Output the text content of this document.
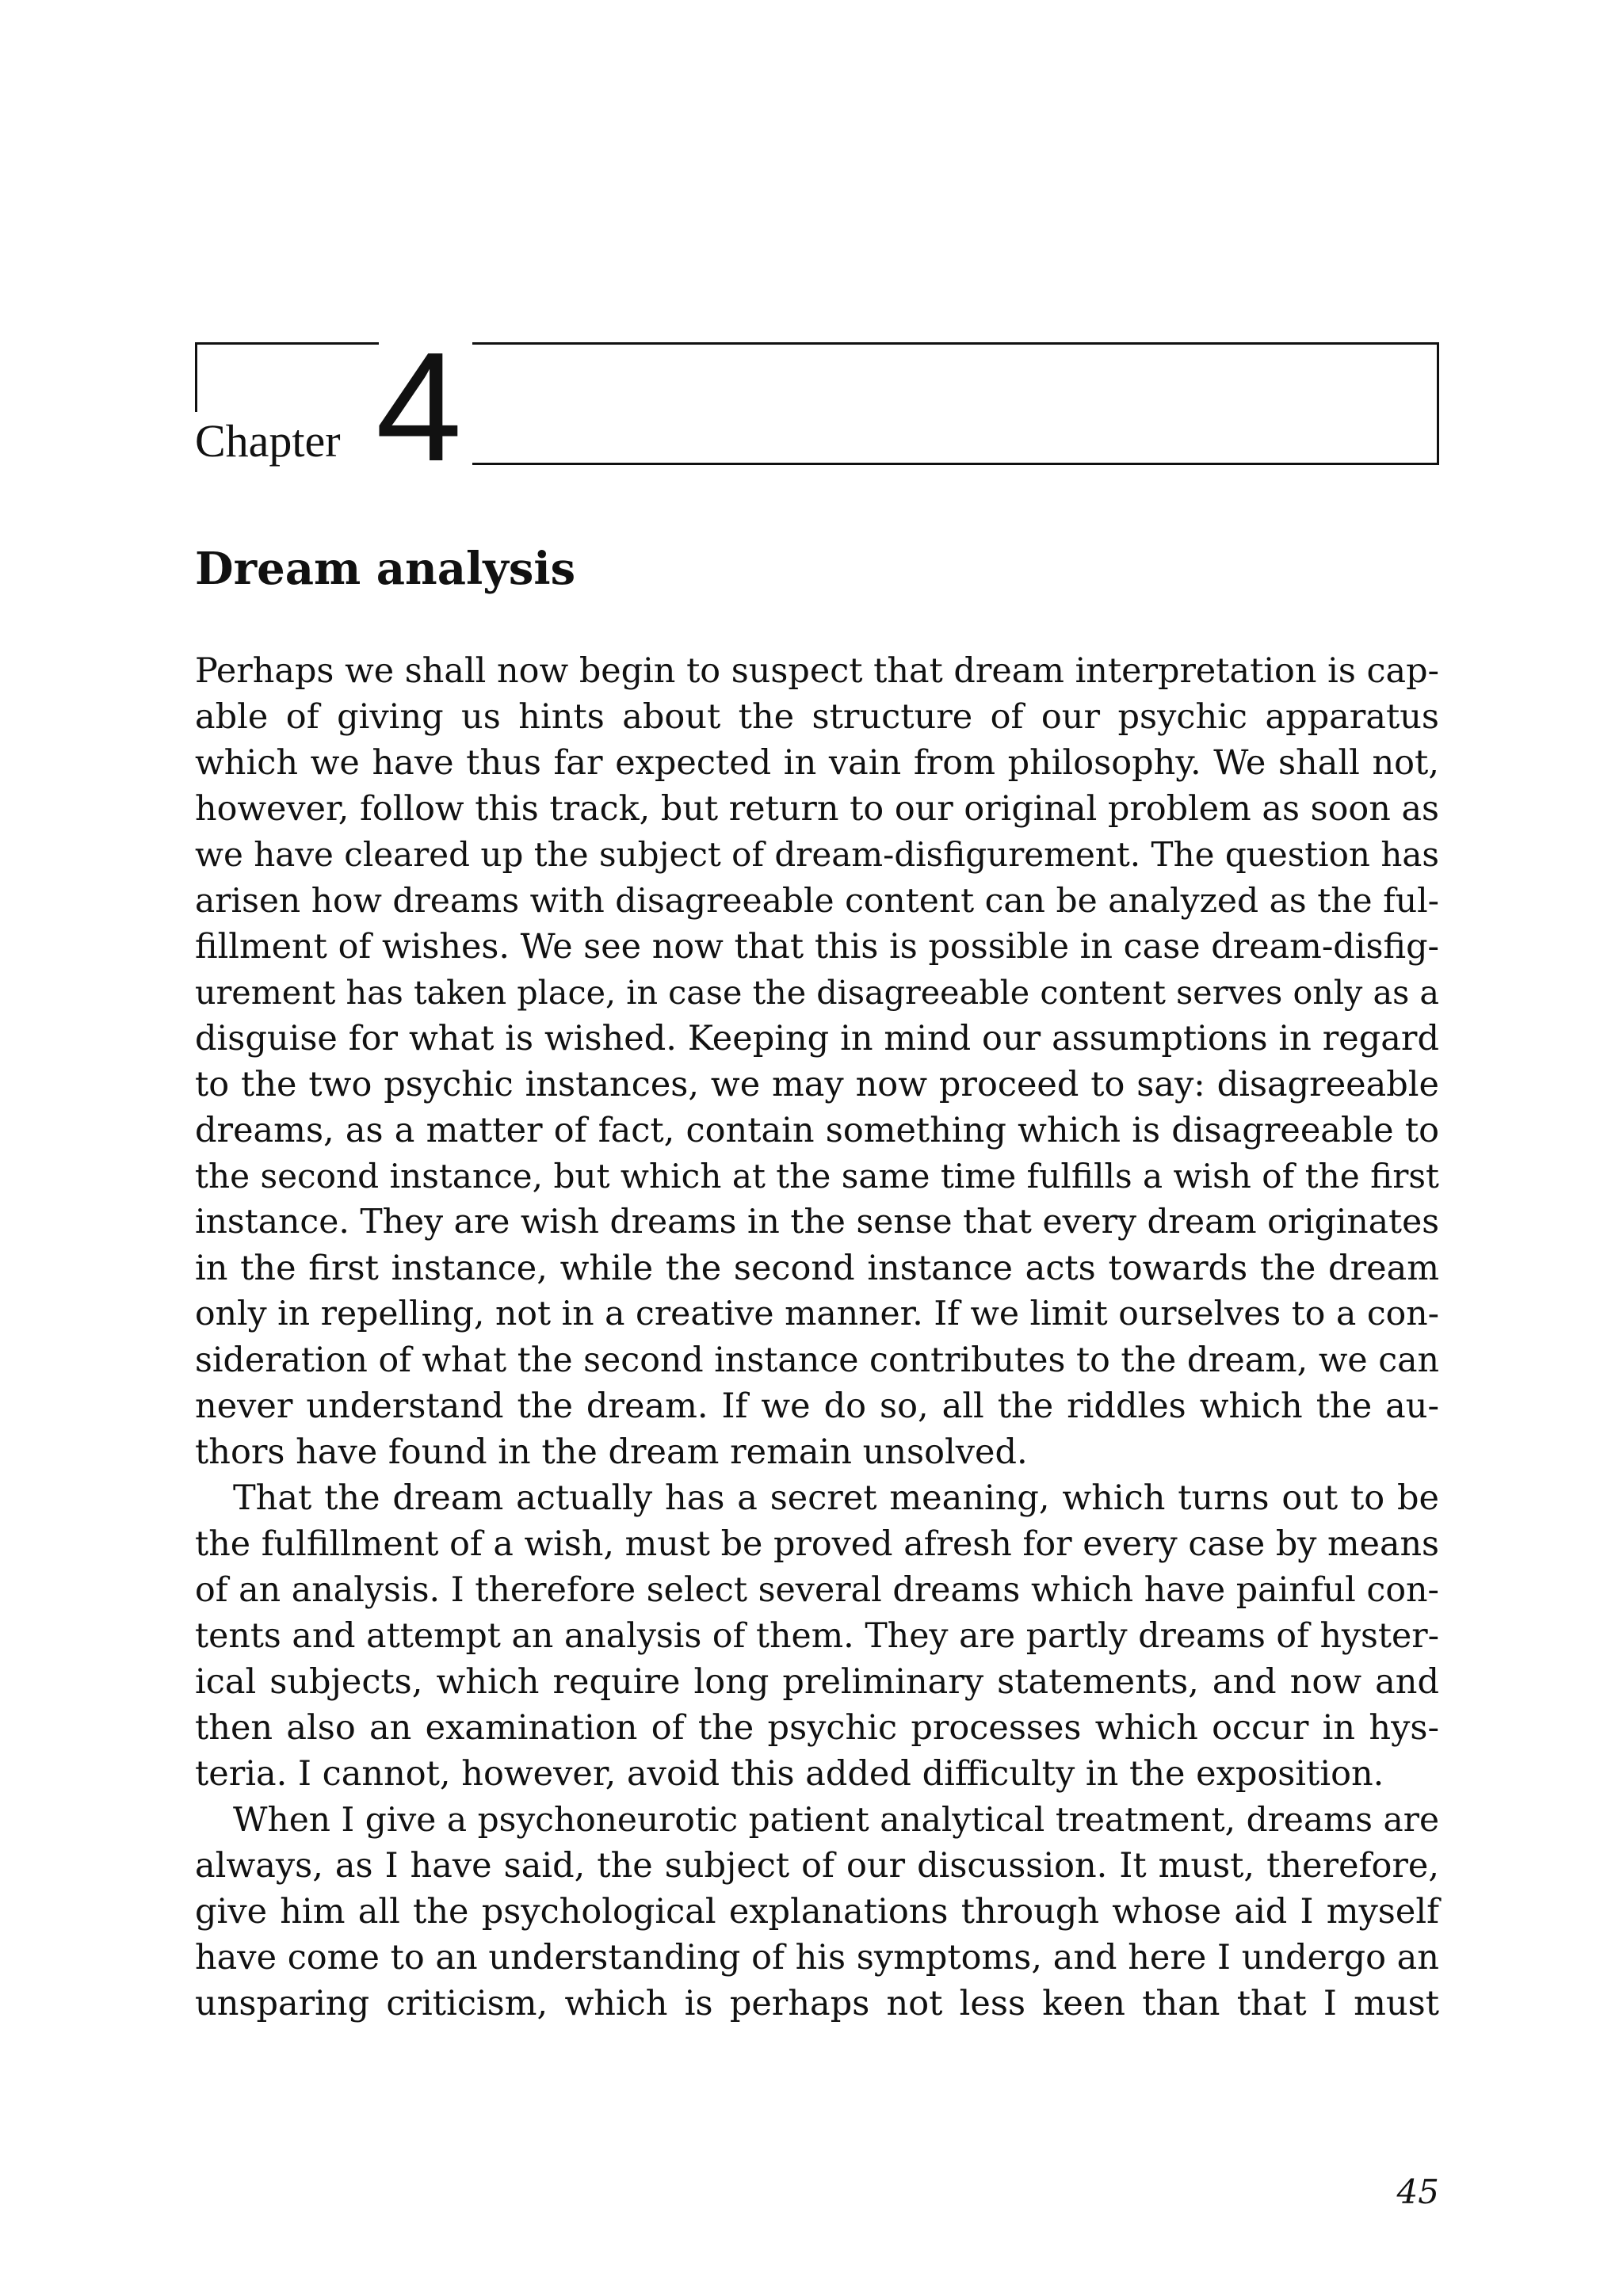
Chapter 4
Dream analysis
Perhaps we shall now begin to suspect that dream interpretation is cap-
able of giving us hints about the structure of our psychic apparatus
which we have thus far expected in vain from philosophy. We shall not,
however, follow this track, but return to our original problem as soon as
we have cleared up the subject of dream-disfigurement. The question has
arisen how dreams with disagreeable content can be analyzed as the ful-
fillment of wishes. We see now that this is possible in case dream-disfig-
urement has taken place, in case the disagreeable content serves only as a
disguise for what is wished. Keeping in mind our assumptions in regard
to the two psychic instances, we may now proceed to say: disagreeable
dreams, as a matter of fact, contain something which is disagreeable to
the second instance, but which at the same time fulfills a wish of the first
instance. They are wish dreams in the sense that every dream originates
in the first instance, while the second instance acts towards the dream
only in repelling, not in a creative manner. If we limit ourselves to a con-
sideration of what the second instance contributes to the dream, we can
never understand the dream. If we do so, all the riddles which the au-
thors have found in the dream remain unsolved.
That the dream actually has a secret meaning, which turns out to be
the fulfillment of a wish, must be proved afresh for every case by means
of an analysis. I therefore select several dreams which have painful con-
tents and attempt an analysis of them. They are partly dreams of hyster-
ical subjects, which require long preliminary statements, and now and
then also an examination of the psychic processes which occur in hys-
teria. I cannot, however, avoid this added difficulty in the exposition.
When I give a psychoneurotic patient analytical treatment, dreams are
always, as I have said, the subject of our discussion. It must, therefore,
give him all the psychological explanations through whose aid I myself
have come to an understanding of his symptoms, and here I undergo an
unsparing criticism, which is perhaps not less keen than that I must
45
